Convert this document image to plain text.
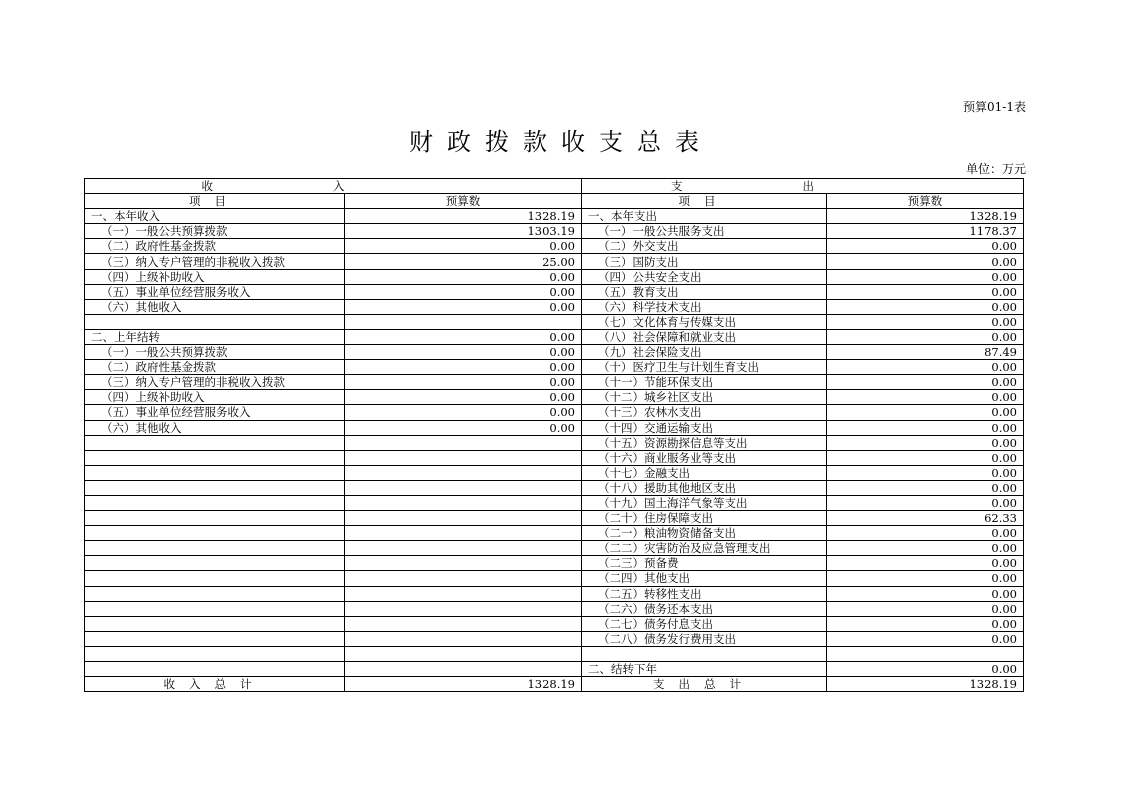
预算01-1表
财政拨款收支总表
单位：万元
收入		支出	
项目	预算数	项目	预算数
一、本年收入	1328.19	一、本年支出	1328.19
（一）一般公共预算拨款	1303.19	（一）一般公共服务支出	1178.37
（二）政府性基金拨款	0.00	（二）外交支出	0.00
（三）纳入专户管理的非税收入拨款	25.00	（三）国防支出	0.00
（四）上级补助收入	0.00	（四）公共安全支出	0.00
（五）事业单位经营服务收入	0.00	（五）教育支出	0.00
（六）其他收入	0.00	（六）科学技术支出	0.00
		（七）文化体育与传媒支出	0.00
二、上年结转	0.00	（八）社会保障和就业支出	0.00
（一）一般公共预算拨款	0.00	（九）社会保险支出	87.49
（二）政府性基金拨款	0.00	（十）医疗卫生与计划生育支出	0.00
（三）纳入专户管理的非税收入拨款	0.00	（十一）节能环保支出	0.00
（四）上级补助收入	0.00	（十二）城乡社区支出	0.00
（五）事业单位经营服务收入	0.00	（十三）农林水支出	0.00
（六）其他收入	0.00	（十四）交通运输支出	0.00
		（十五）资源勘探信息等支出	0.00
		（十六）商业服务业等支出	0.00
		（十七）金融支出	0.00
		（十八）援助其他地区支出	0.00
		（十九）国土海洋气象等支出	0.00
		（二十）住房保障支出	62.33
		（二一）粮油物资储备支出	0.00
		（二二）灾害防治及应急管理支出	0.00
		（二三）预备费	0.00
		（二四）其他支出	0.00
		（二五）转移性支出	0.00
		（二六）债务还本支出	0.00
		（二七）债务付息支出	0.00
		（二八）债务发行费用支出	0.00

		二、结转下年	0.00
收入总计	1328.19	支出总计	1328.19
